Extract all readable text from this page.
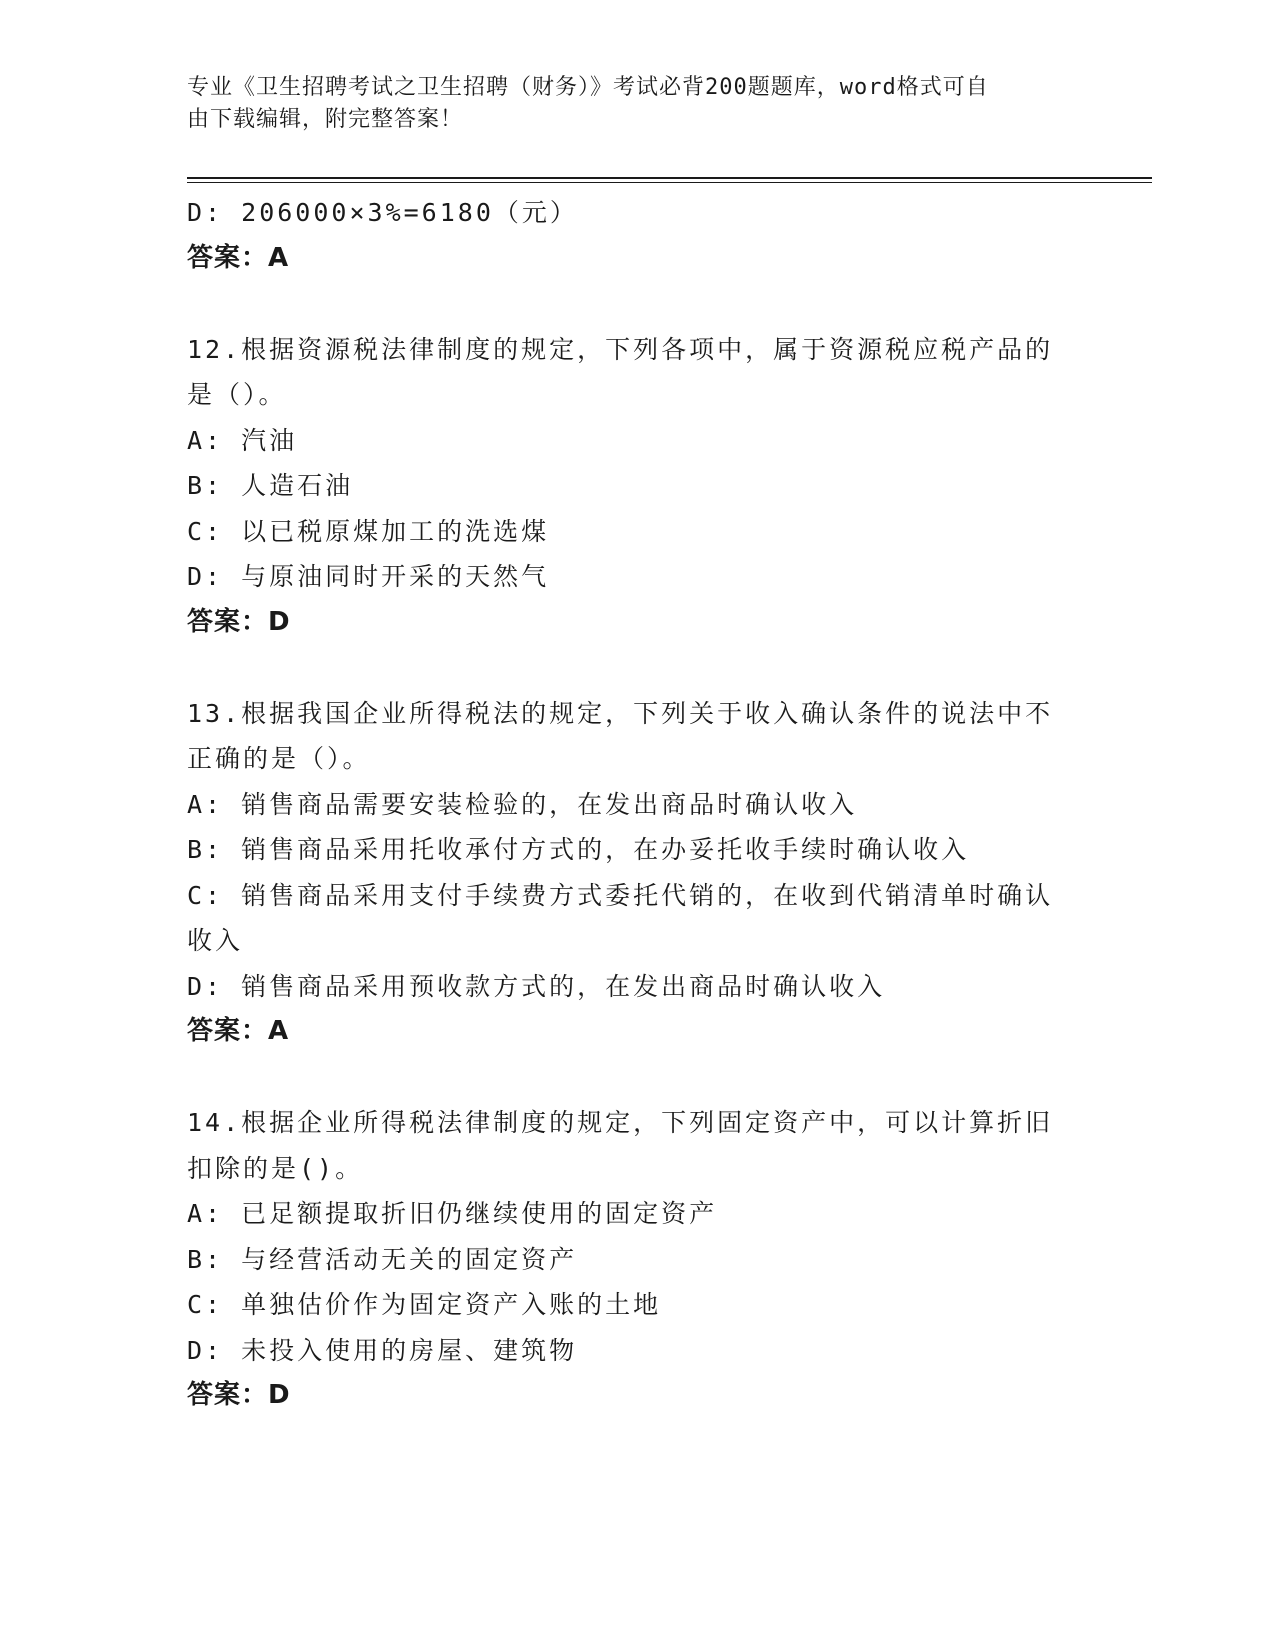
专业《卫生招聘考试之卫生招聘（财务）》考试必背200题题库，word格式可自
由下载编辑，附完整答案！
D: 206000×3%=6180（元）
答案：A
12.根据资源税法律制度的规定，下列各项中，属于资源税应税产品的
是（）。
A: 汽油
B: 人造石油
C: 以已税原煤加工的洗选煤
D: 与原油同时开采的天然气
答案：D
13.根据我国企业所得税法的规定，下列关于收入确认条件的说法中不
正确的是（）。
A: 销售商品需要安装检验的，在发出商品时确认收入
B: 销售商品采用托收承付方式的，在办妥托收手续时确认收入
C: 销售商品采用支付手续费方式委托代销的，在收到代销清单时确认
收入
D: 销售商品采用预收款方式的，在发出商品时确认收入
答案：A
14.根据企业所得税法律制度的规定，下列固定资产中，可以计算折旧
扣除的是()。
A: 已足额提取折旧仍继续使用的固定资产
B: 与经营活动无关的固定资产
C: 单独估价作为固定资产入账的土地
D: 未投入使用的房屋、建筑物
答案：D
